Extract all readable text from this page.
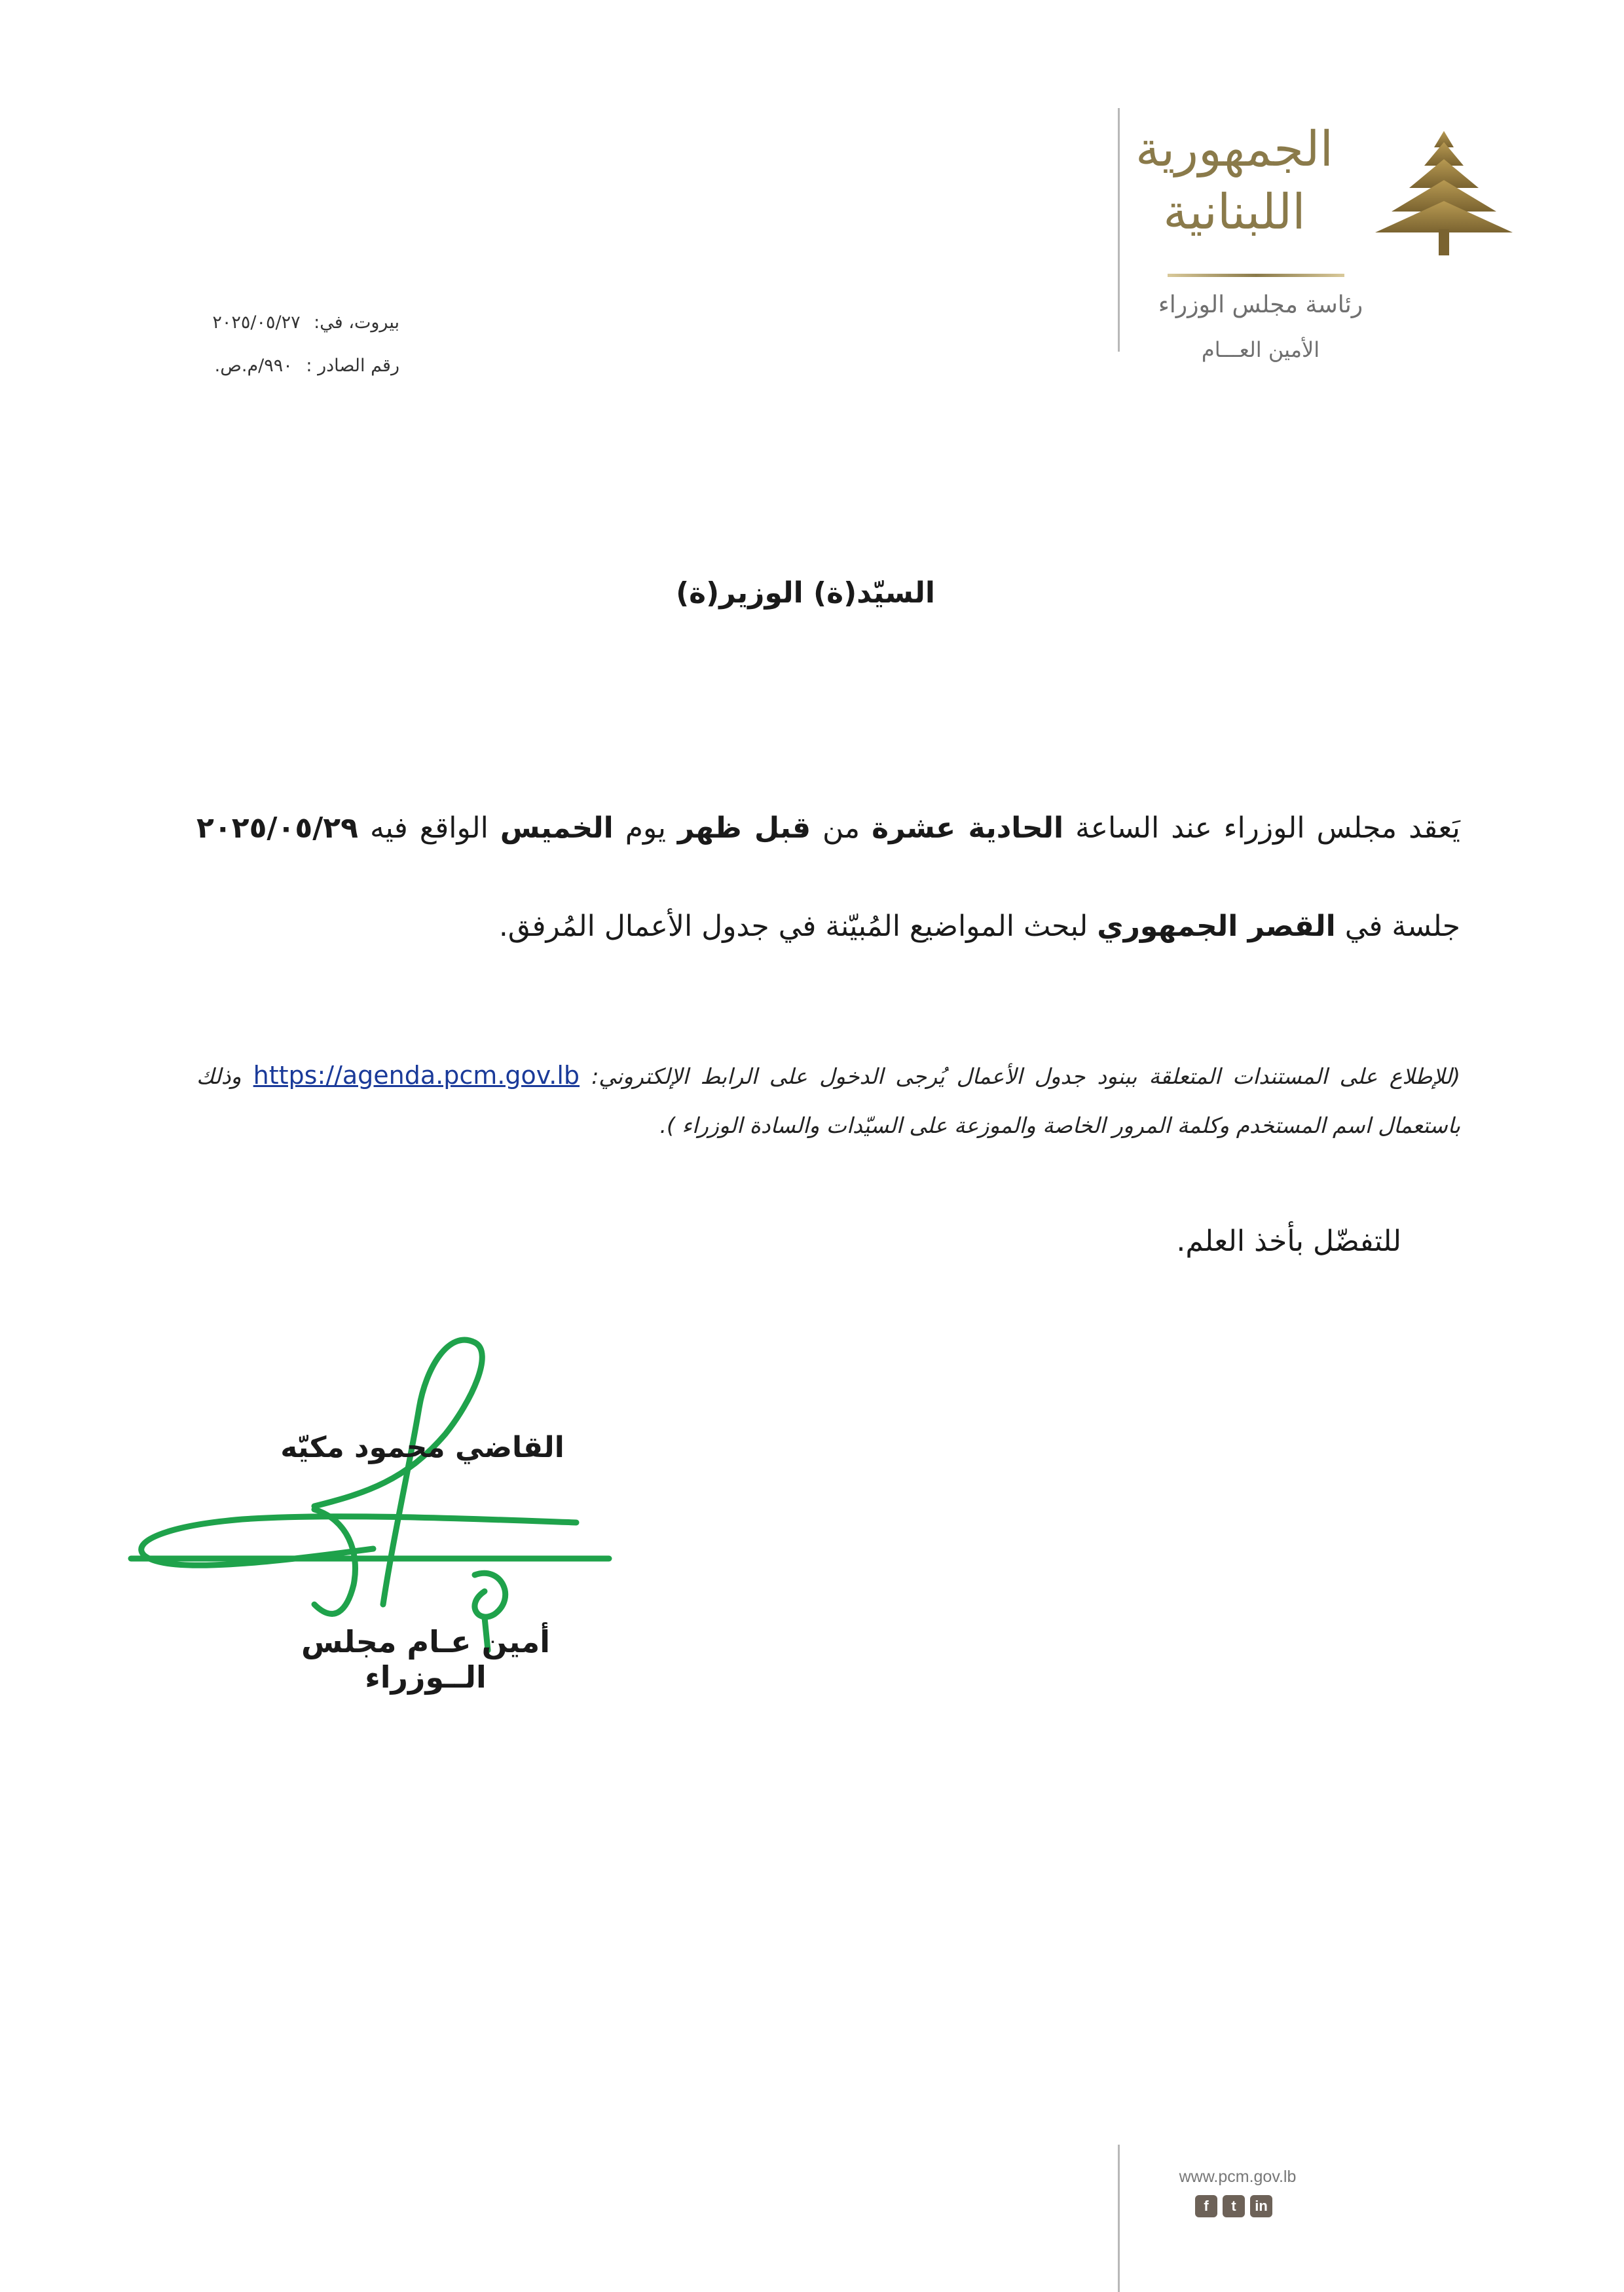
الجمهورية
اللبنانية
رئاسة مجلس الوزراء
الأمين العـــام
بيروت، في: ٢٠٢٥/٠٥/٢٧
رقم الصادر : ٩٩٠/م.ص.
السيّد(ة) الوزير(ة)
يَعقد مجلس الوزراء عند الساعة الحادية عشرة من قبل ظهر يوم الخميس الواقع فيه ٢٠٢٥/٠٥/٢٩ جلسة في القصر الجمهوري لبحث المواضيع المُبيّنة في جدول الأعمال المُرفق.
(للإطلاع على المستندات المتعلقة ببنود جدول الأعمال يُرجى الدخول على الرابط الإلكتروني: https://agenda.pcm.gov.lb وذلك باستعمال اسم المستخدم وكلمة المرور الخاصة والموزعة على السيّدات والسادة الوزراء ).
للتفضّل بأخذ العلم.
القاضي محمود مكيّه
أمين عـام مجلس الــوزراء
www.pcm.gov.lb
f	t	in
